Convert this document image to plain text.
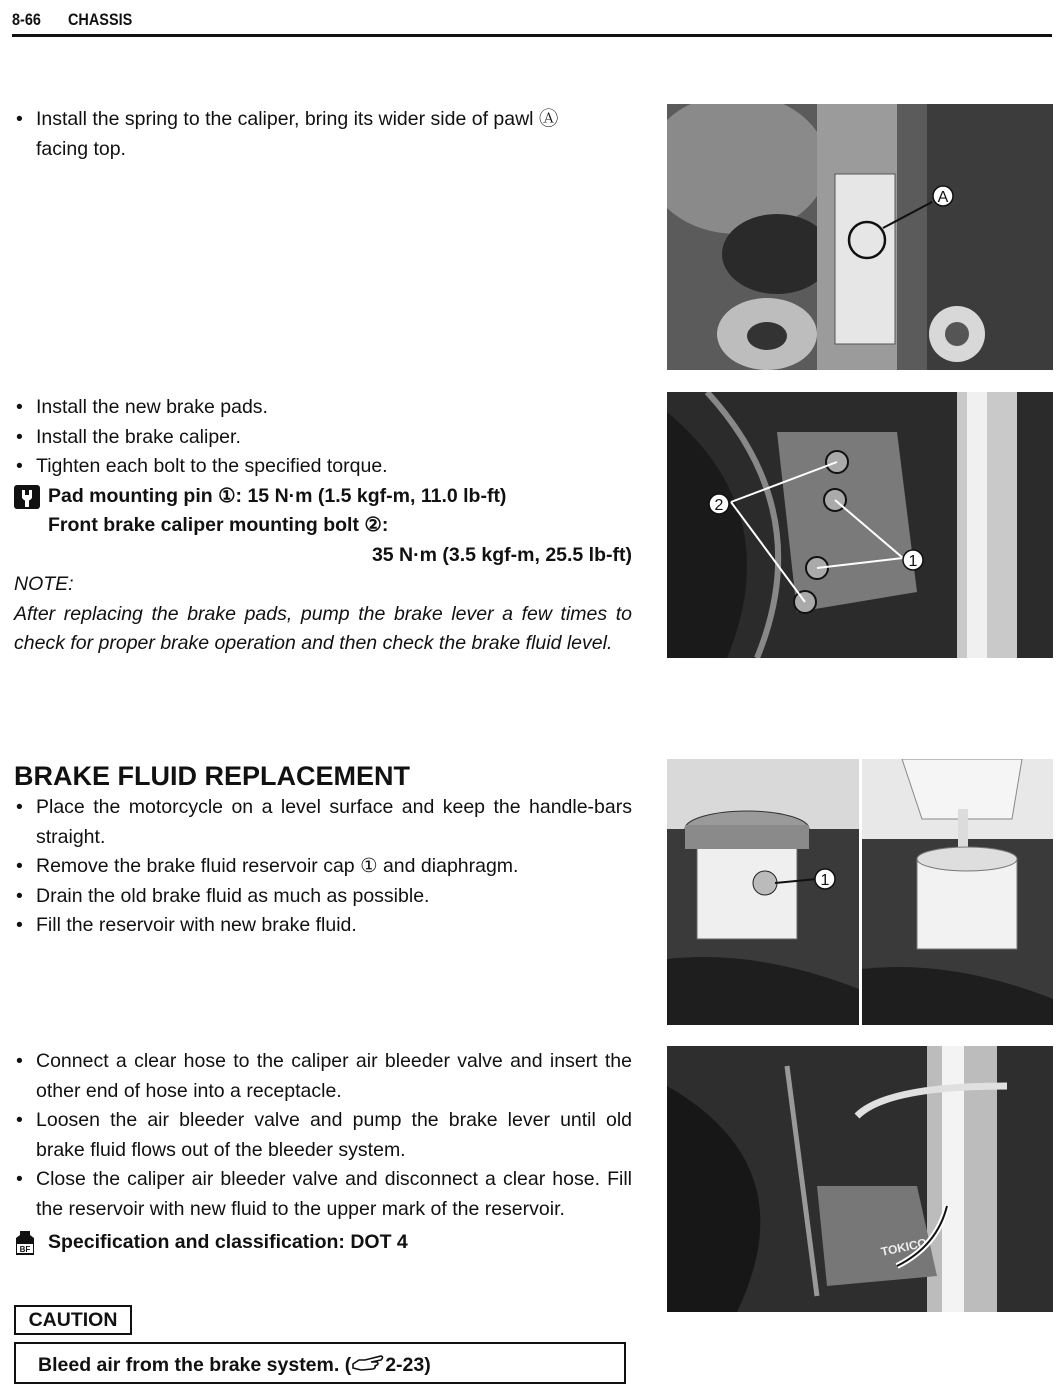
8-66 CHASSIS

• Install the spring to the caliper, bring its wider side of pawl Ⓐ
facing top.

• Install the new brake pads.

• Install the brake caliper.

• Tighten each bolt to the specified torque.

Pad mounting pin ①: 15 N·m (1.5 kgf-m, 11.0 lb-ft)
Front brake caliper mounting bolt ②:
35 N·m (3.5 kgf-m, 25.5 lb-ft)

NOTE:

After replacing the brake pads, pump the brake lever a few times to check for proper brake operation and then check the brake fluid level.

BRAKE FLUID REPLACEMENT

• Place the motorcycle on a level surface and keep the handle-bars straight.

• Remove the brake fluid reservoir cap ① and diaphragm.

• Drain the old brake fluid as much as possible.

• Fill the reservoir with new brake fluid.

• Connect a clear hose to the caliper air bleeder valve and insert the other end of hose into a receptacle.

• Loosen the air bleeder valve and pump the brake lever until old brake fluid flows out of the bleeder system.

• Close the caliper air bleeder valve and disconnect a clear hose. Fill the reservoir with new fluid to the upper mark of the reservoir.

BF Specification and classification: DOT 4
CAUTION
Bleed air from the brake system. ( 2-23)
A
2
1
1
TOKICO
